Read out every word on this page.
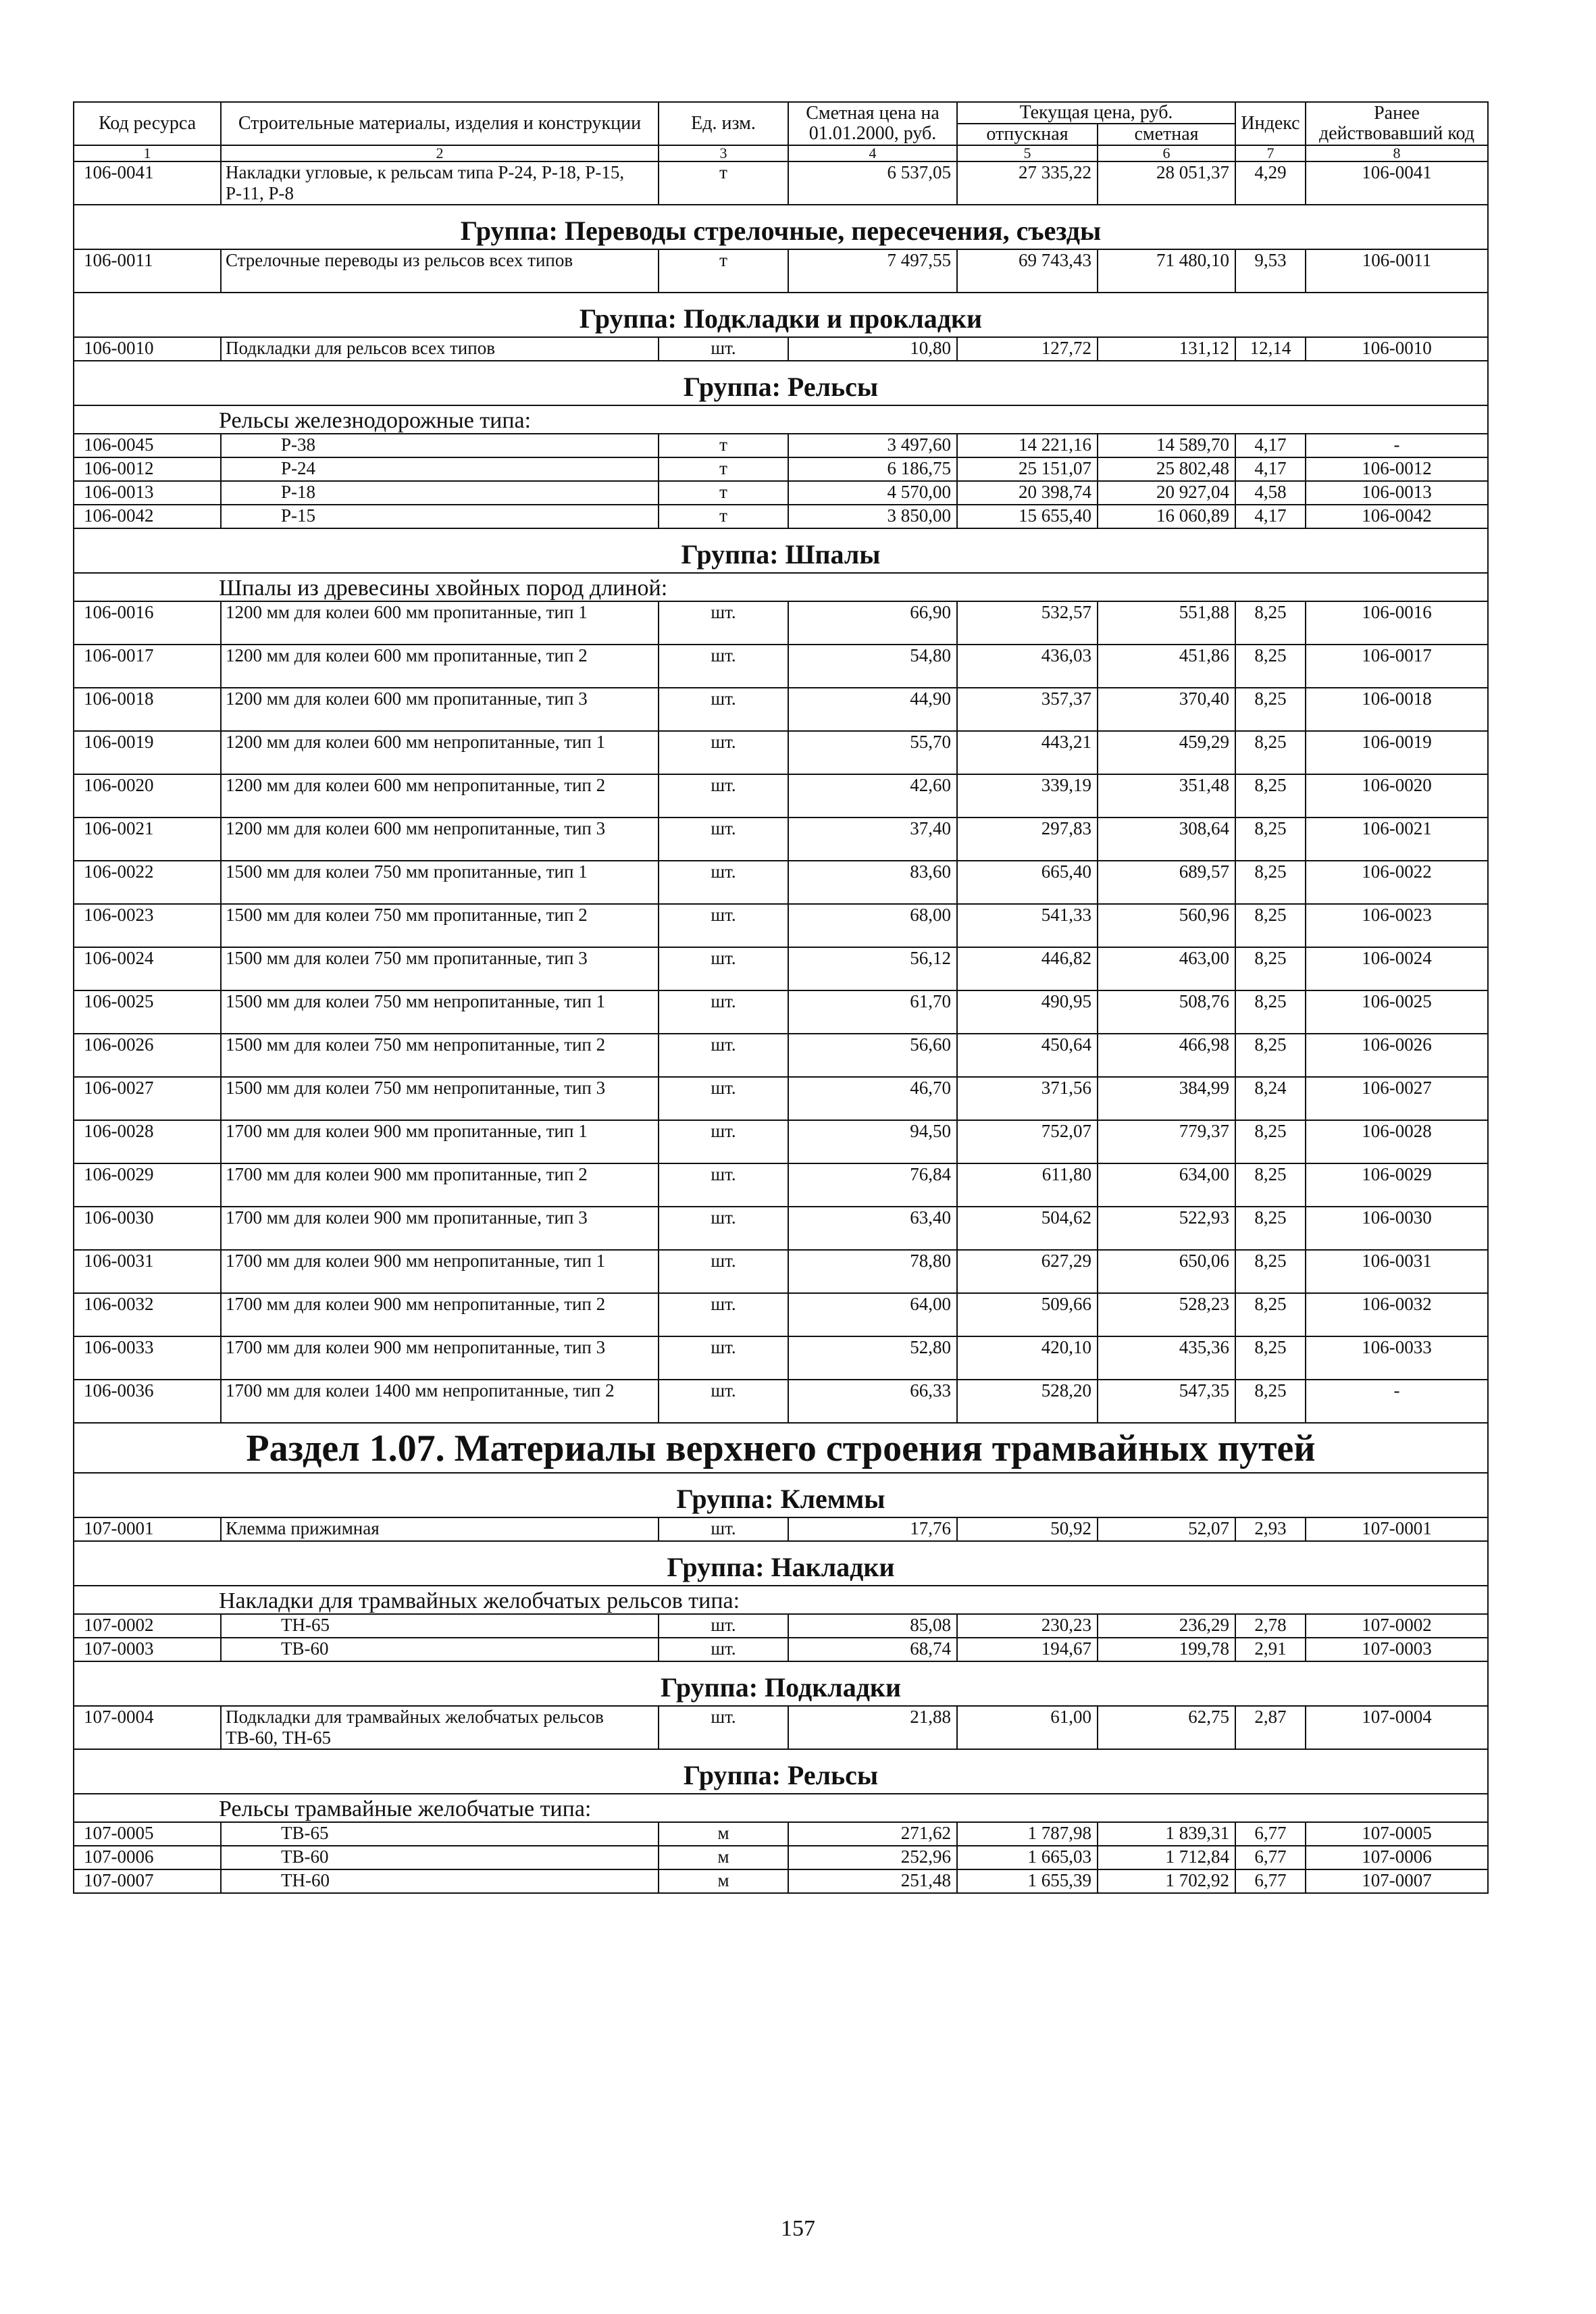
Код ресурса	Строительные материалы, изделия и конструкции	Ед. изм.	Сметная цена на 01.01.2000, руб.	Текущая цена, руб.		Индекс	Ранее действовавший код
				отпускная	сметная		
1	2	3	4	5	6	7	8
106-0041	Накладки угловые, к рельсам типа Р-24, Р-18, Р-15, Р-11, Р-8	т	6 537,05	27 335,22	28 051,37	4,29	106-0041
Группа: Переводы стрелочные, пересечения, съезды							
106-0011	Стрелочные переводы из рельсов всех типов	т	7 497,55	69 743,43	71 480,10	9,53	106-0011
Группа: Подкладки и прокладки							
106-0010	Подкладки для рельсов всех типов	шт.	10,80	127,72	131,12	12,14	106-0010
Группа: Рельсы							
Рельсы железнодорожные типа:							
106-0045	Р-38	т	3 497,60	14 221,16	14 589,70	4,17	-
106-0012	Р-24	т	6 186,75	25 151,07	25 802,48	4,17	106-0012
106-0013	Р-18	т	4 570,00	20 398,74	20 927,04	4,58	106-0013
106-0042	Р-15	т	3 850,00	15 655,40	16 060,89	4,17	106-0042
Группа: Шпалы							
Шпалы из древесины хвойных пород длиной:							
106-0016	1200 мм для колеи 600 мм пропитанные, тип 1	шт.	66,90	532,57	551,88	8,25	106-0016
106-0017	1200 мм для колеи 600 мм пропитанные, тип 2	шт.	54,80	436,03	451,86	8,25	106-0017
106-0018	1200 мм для колеи 600 мм пропитанные, тип 3	шт.	44,90	357,37	370,40	8,25	106-0018
106-0019	1200 мм для колеи 600 мм непропитанные, тип 1	шт.	55,70	443,21	459,29	8,25	106-0019
106-0020	1200 мм для колеи 600 мм непропитанные, тип 2	шт.	42,60	339,19	351,48	8,25	106-0020
106-0021	1200 мм для колеи 600 мм непропитанные, тип 3	шт.	37,40	297,83	308,64	8,25	106-0021
106-0022	1500 мм для колеи 750 мм пропитанные, тип 1	шт.	83,60	665,40	689,57	8,25	106-0022
106-0023	1500 мм для колеи 750 мм пропитанные, тип 2	шт.	68,00	541,33	560,96	8,25	106-0023
106-0024	1500 мм для колеи 750 мм пропитанные, тип 3	шт.	56,12	446,82	463,00	8,25	106-0024
106-0025	1500 мм для колеи 750 мм непропитанные, тип 1	шт.	61,70	490,95	508,76	8,25	106-0025
106-0026	1500 мм для колеи 750 мм непропитанные, тип 2	шт.	56,60	450,64	466,98	8,25	106-0026
106-0027	1500 мм для колеи 750 мм непропитанные, тип 3	шт.	46,70	371,56	384,99	8,24	106-0027
106-0028	1700 мм для колеи 900 мм пропитанные, тип 1	шт.	94,50	752,07	779,37	8,25	106-0028
106-0029	1700 мм для колеи 900 мм пропитанные, тип 2	шт.	76,84	611,80	634,00	8,25	106-0029
106-0030	1700 мм для колеи 900 мм пропитанные, тип 3	шт.	63,40	504,62	522,93	8,25	106-0030
106-0031	1700 мм для колеи 900 мм непропитанные, тип 1	шт.	78,80	627,29	650,06	8,25	106-0031
106-0032	1700 мм для колеи 900 мм непропитанные, тип 2	шт.	64,00	509,66	528,23	8,25	106-0032
106-0033	1700 мм для колеи 900 мм непропитанные, тип 3	шт.	52,80	420,10	435,36	8,25	106-0033
106-0036	1700 мм для колеи 1400 мм непропитанные, тип 2	шт.	66,33	528,20	547,35	8,25	-
Раздел 1.07. Материалы верхнего строения трамвайных путей							
Группа: Клеммы							
107-0001	Клемма прижимная	шт.	17,76	50,92	52,07	2,93	107-0001
Группа: Накладки							
Накладки для трамвайных желобчатых рельсов типа:							
107-0002	ТН-65	шт.	85,08	230,23	236,29	2,78	107-0002
107-0003	ТВ-60	шт.	68,74	194,67	199,78	2,91	107-0003
Группа: Подкладки							
107-0004	Подкладки для трамвайных желобчатых рельсов ТВ-60, ТН-65	шт.	21,88	61,00	62,75	2,87	107-0004
Группа: Рельсы							
Рельсы трамвайные желобчатые типа:							
107-0005	ТВ-65	м	271,62	1 787,98	1 839,31	6,77	107-0005
107-0006	ТВ-60	м	252,96	1 665,03	1 712,84	6,77	107-0006
107-0007	ТН-60	м	251,48	1 655,39	1 702,92	6,77	107-0007
157
